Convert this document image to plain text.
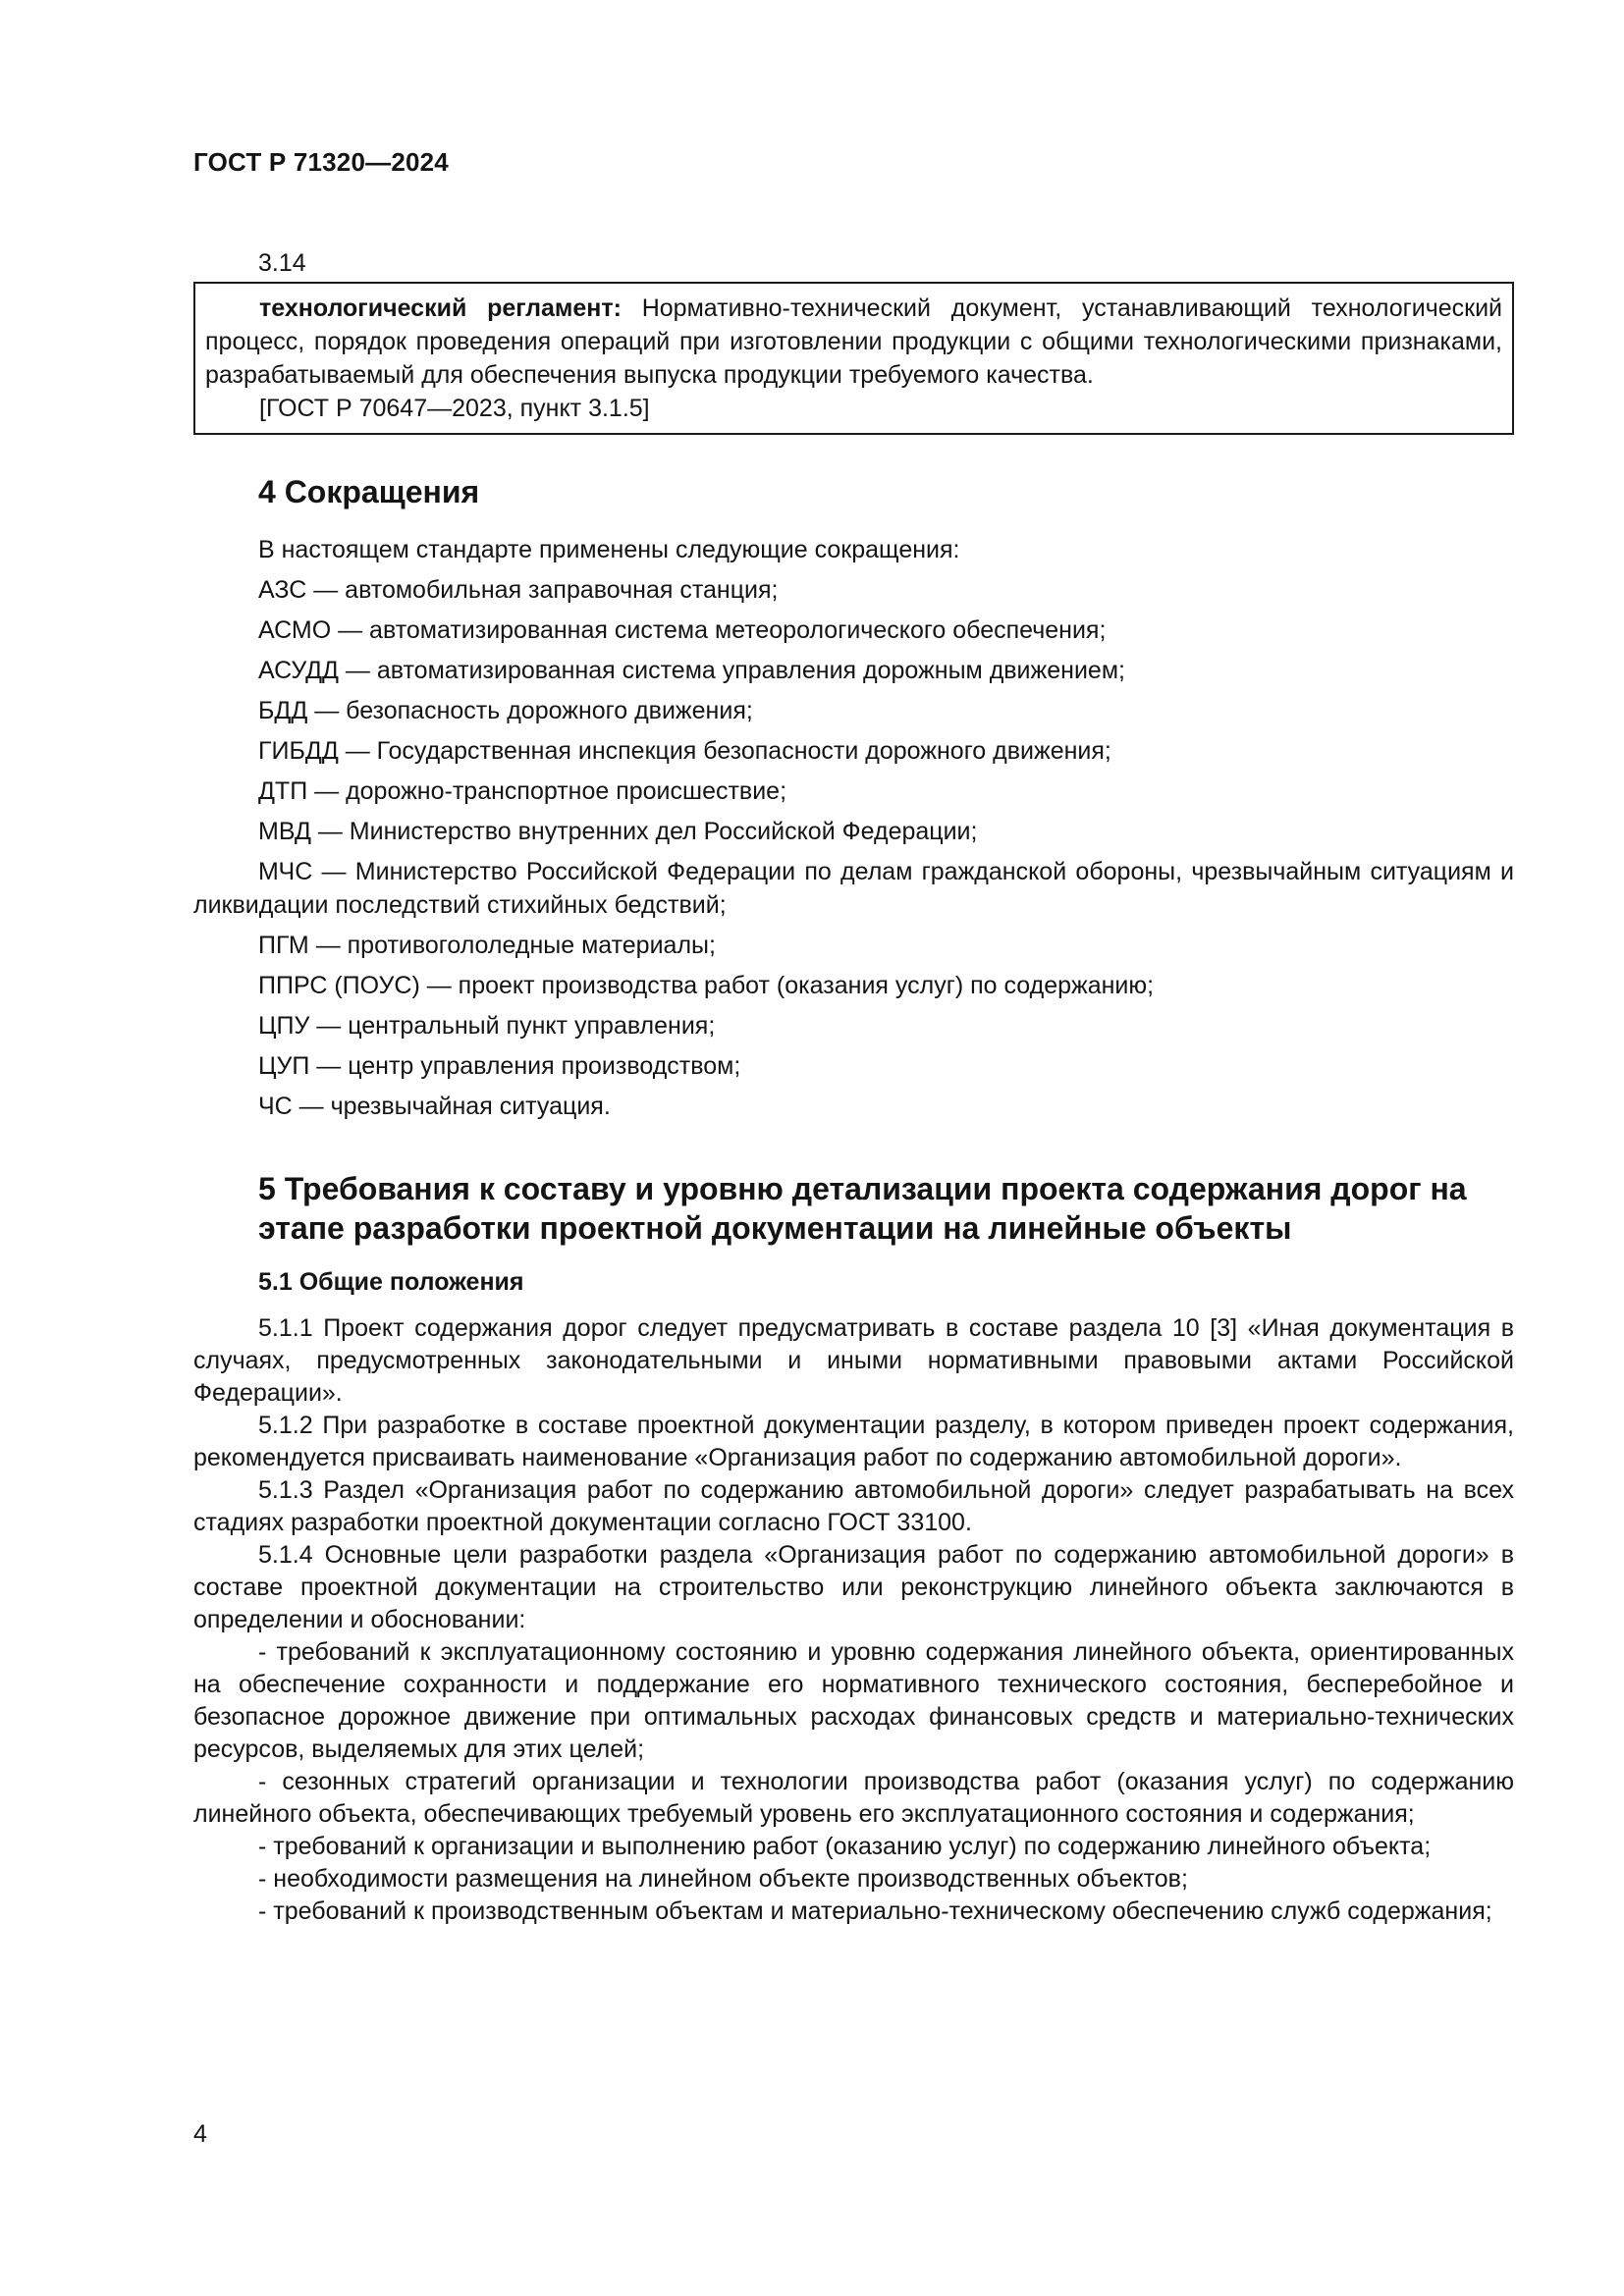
ГОСТ Р 71320—2024

3.14

технологический регламент: Нормативно-технический документ, устанавливающий технологический процесс, порядок проведения операций при изготовлении продукции с общими технологическими признаками, разрабатываемый для обеспечения выпуска продукции требуемого качества.

[ГОСТ Р 70647—2023, пункт 3.1.5]

4 Сокращения

В настоящем стандарте применены следующие сокращения:

АЗС — автомобильная заправочная станция;

АСМО — автоматизированная система метеорологического обеспечения;

АСУДД — автоматизированная система управления дорожным движением;

БДД — безопасность дорожного движения;

ГИБДД — Государственная инспекция безопасности дорожного движения;

ДТП — дорожно-транспортное происшествие;

МВД — Министерство внутренних дел Российской Федерации;

МЧС — Министерство Российской Федерации по делам гражданской обороны, чрезвычайным ситуациям и ликвидации последствий стихийных бедствий;

ПГМ — противогололедные материалы;

ППРС (ПОУС) — проект производства работ (оказания услуг) по содержанию;

ЦПУ — центральный пункт управления;

ЦУП — центр управления производством;

ЧС — чрезвычайная ситуация.

5 Требования к составу и уровню детализации проекта содержания дорог на этапе разработки проектной документации на линейные объекты
5.1 Общие положения

5.1.1 Проект содержания дорог следует предусматривать в составе раздела 10 [3] «Иная документация в случаях, предусмотренных законодательными и иными нормативными правовыми актами Российской Федерации».

5.1.2 При разработке в составе проектной документации разделу, в котором приведен проект содержания, рекомендуется присваивать наименование «Организация работ по содержанию автомобильной дороги».

5.1.3 Раздел «Организация работ по содержанию автомобильной дороги» следует разрабатывать на всех стадиях разработки проектной документации согласно ГОСТ 33100.

5.1.4 Основные цели разработки раздела «Организация работ по содержанию автомобильной дороги» в составе проектной документации на строительство или реконструкцию линейного объекта заключаются в определении и обосновании:

- требований к эксплуатационному состоянию и уровню содержания линейного объекта, ориентированных на обеспечение сохранности и поддержание его нормативного технического состояния, бесперебойное и безопасное дорожное движение при оптимальных расходах финансовых средств и материально-технических ресурсов, выделяемых для этих целей;

- сезонных стратегий организации и технологии производства работ (оказания услуг) по содержанию линейного объекта, обеспечивающих требуемый уровень его эксплуатационного состояния и содержания;

- требований к организации и выполнению работ (оказанию услуг) по содержанию линейного объекта;

- необходимости размещения на линейном объекте производственных объектов;

- требований к производственным объектам и материально-техническому обеспечению служб содержания;

4
